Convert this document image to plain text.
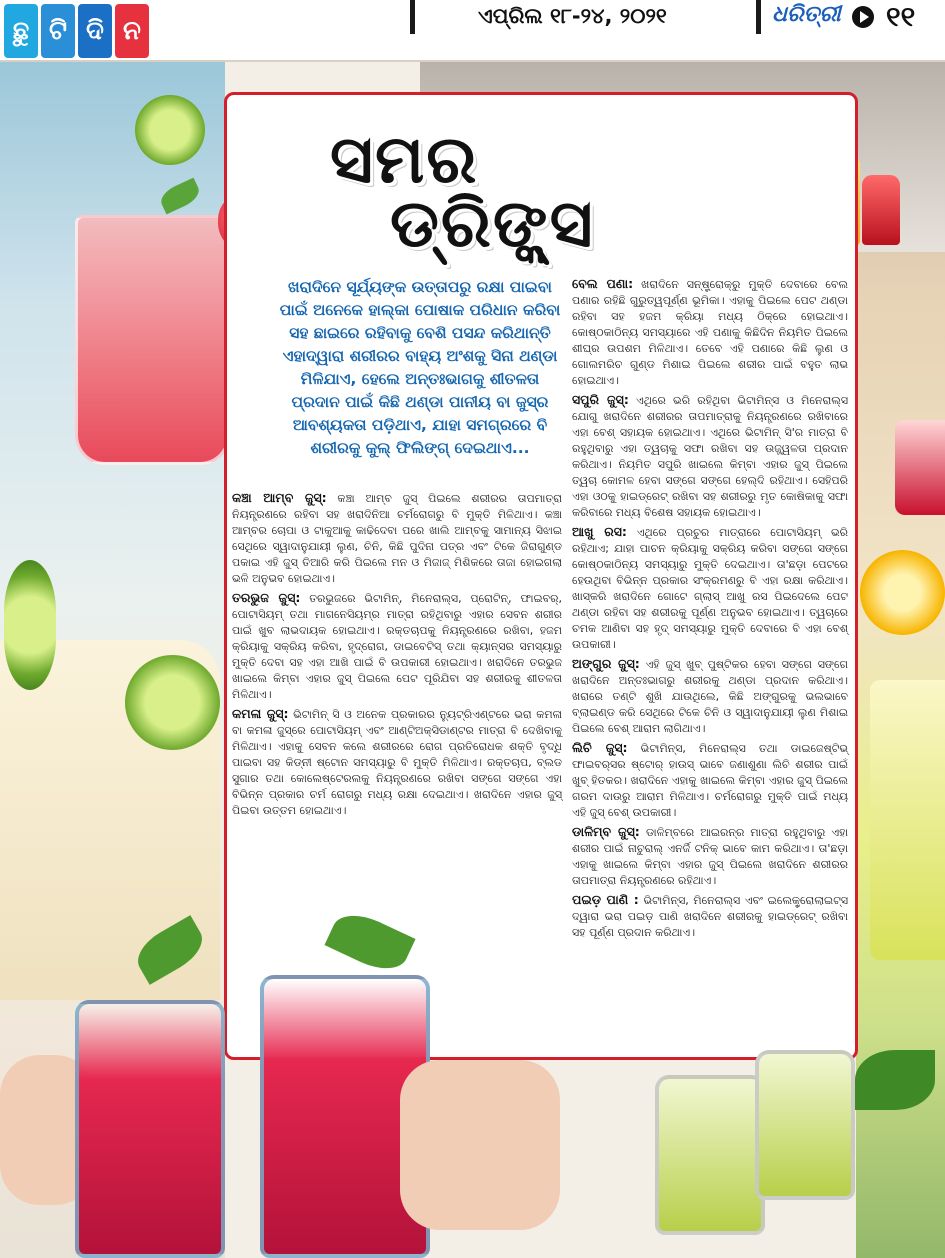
ଛୁ ଟି ଦି ନ	ଏପ୍ରିଲ ୧୮-୨୪, ୨୦୨୧	ଧରିତ୍ରୀ ୧୧
ସମର
ଡ୍ରିଙ୍କ୍ସ
ଖରାଦିନେ ସୂର୍ଯ୍ୟଙ୍କ ଉତ୍ତାପରୁ ରକ୍ଷା ପାଇବା ପାଇଁ ଅନେକେ ହାଲ୍କା ପୋଷାକ ପରିଧାନ କରିବା ସହ ଛାଇରେ ରହିବାକୁ ବେଶି ପସନ୍ଦ କରିଥାନ୍ତି ଏହାଦ୍ୱାରା ଶରୀରର ବାହ୍ୟ ଅଂଶକୁ ସିନା ଥଣ୍ଡା ମିଳିଯାଏ, ହେଲେ ଅନ୍ତଃଭାଗକୁ ଶୀତଳତା ପ୍ରଦାନ ପାଇଁ କିଛି ଥଣ୍ଡା ପାନୀୟ ବା ଜୁସ୍‌ର ଆବଶ୍ୟକତା ପଡ଼ିଥାଏ, ଯାହା ସମଗ୍ରରେ ବି ଶରୀରକୁ କୁଲ୍ ଫିଲିଙ୍ଗ୍ ଦେଇଥାଏ...

କଞ୍ଚା ଆମ୍ବ ଜୁସ୍: କଞ୍ଚା ଆମ୍ବ ଜୁସ୍ ପିଇଲେ ଶରୀରର ତାପମାତ୍ରା ନିୟନ୍ତ୍ରଣରେ ରହିବା ସହ ଖରାଦିନିଆ ଚର୍ମରୋଗରୁ ବି ମୁକ୍ତି ମିଳିଥାଏ। କଞ୍ଚା ଆମ୍ବର ଚୋପା ଓ ଟାକୁଆକୁ କାଢିଦେବା ପରେ ଖାଲି ଆମ୍ବକୁ ସାମାନ୍ୟ ସିଝାଇ ସେଥିରେ ସ୍ୱାଦାନୁଯାୟୀ ଲୁଣ, ଚିନି, କିଛି ପୁଦିନା ପତ୍ର ଏବଂ ଟିକେ ଜିରାଗୁଣ୍ଡ ପକାଇ ଏହି ଜୁସ୍ ତିଆରି କରି ପିଇଲେ ମନ ଓ ମିଜାଜ୍ ମିଶିକରେ ତାଜା ହୋଇଗଲା ଭଳି ଅନୁଭବ ହୋଇଥାଏ।

ତରଭୁଜ ଜୁସ୍: ତରଭୁଜରେ ଭିଟାମିନ୍, ମିନେରାଲ୍ସ, ପ୍ରୋଟିନ୍, ଫାଇବର୍, ପୋଟାସିୟମ୍ ତଥା ମାଗନେସିୟମ୍‌ର ମାତ୍ରା ରହିଥିବାରୁ ଏହାର ସେବନ ଶରୀର ପାଇଁ ଖୁବ ଲାଭଦାୟକ ହୋଇଥାଏ। ରକ୍ତଚାପକୁ ନିୟନ୍ତ୍ରଣରେ ରଖିବା, ହଜମ କ୍ରିୟାକୁ ସକ୍ରିୟ କରିବା, ହୃଦ୍‌ରୋଗ, ଡାଇବେଟିସ୍ ତଥା କ୍ୟାନ୍ସର ସମସ୍ୟାରୁ ମୁକ୍ତି ଦେବା ସହ ଏହା ଆଖି ପାଇଁ ବି ଉପକାରୀ ହୋଇଥାଏ। ଖରାଦିନେ ତରଭୁଜ ଖାଇଲେ କିମ୍ବା ଏହାର ଜୁସ୍ ପିଇଲେ ପେଟ ପୂରିଯିବା ସହ ଶରୀରକୁ ଶୀତଳତା ମିଳିଥାଏ।

କମଳା ଜୁସ୍: ଭିଟାମିନ୍ ସି ଓ ଅନେକ ପ୍ରକାରର ନ୍ୟୁଟ୍ରିଏଣ୍ଟରେ ଭରା କମଳା ବା କମଳା ଜୁସ୍‌ରେ ପୋଟାସିୟମ୍ ଏବଂ ଆଣ୍ଟିଅକ୍ସିଡାଣ୍ଟର ମାତ୍ରା ବି ଦେଖିବାକୁ ମିଳିଥାଏ। ଏହାକୁ ସେବନ କଲେ ଶରୀରରେ ରୋଗ ପ୍ରତିରୋଧକ ଶକ୍ତି ବୃଦ୍ଧି ପାଇବା ସହ କିଡ୍‌ନୀ ଷ୍ଟୋନ ସମସ୍ୟାରୁ ବି ମୁକ୍ତି ମିଳିଥାଏ। ରକ୍ତଚାପ, ବ୍ଲଡ ସୁଗାର ତଥା କୋଲେଷ୍ଟେରଲକୁ ନିୟନ୍ତ୍ରଣରେ ରଖିବା ସଙ୍ଗେ ସଙ୍ଗେ ଏହା ବିଭିନ୍ନ ପ୍ରକାର ଚର୍ମ ରୋଗରୁ ମଧ୍ୟ ରକ୍ଷା ଦେଇଥାଏ। ଖରାଦିନେ ଏହାର ଜୁସ୍ ପିଇବା ଉତ୍ତମ ହୋଇଥାଏ।

ବେଲ ପଣା: ଖରାଦିନେ ସନ୍‌ଷ୍ଟ୍ରୋକ୍‌ରୁ ମୁକ୍ତି ଦେବାରେ ବେଲ ପଣାର ରହିଛି ଗୁରୁତ୍ୱପୂର୍ଣ୍ଣ ଭୂମିକା। ଏହାକୁ ପିଇଲେ ପେଟ ଥଣ୍ଡା ରହିବା ସହ ହଜମ କ୍ରିୟା ମଧ୍ୟ ଠିକ୍‌ରେ ହୋଇଥାଏ। କୋଷ୍ଠକାଠିନ୍ୟ ସମସ୍ୟାରେ ଏହି ପଣାକୁ କିଛିଦିନ ନିୟମିତ ପିଇଲେ ଶୀଘ୍ର ଉପଶମ ମିଳିଥାଏ। ତେବେ ଏହି ପଣାରେ କିଛି ଲୁଣ ଓ ଗୋଲମରିଚ ଗୁଣ୍ଡ ମିଶାଇ ପିଇଲେ ଶରୀର ପାଇଁ ବହୁତ ଲାଭ ହୋଇଥାଏ।

ସପୁରି ଜୁସ୍: ଏଥିରେ ଭରି ରହିଥିବା ଭିଟାମିନ୍ସ ଓ ମିନେରାଲ୍ସ ଯୋଗୁ ଖରାଦିନେ ଶରୀରର ତାପମାତ୍ରାକୁ ନିୟନ୍ତ୍ରଣରେ ରଖିବାରେ ଏହା ବେଶ୍ ସହାୟକ ହୋଇଥାଏ। ଏଥିରେ ଭିଟାମିନ୍ ସି'ର ମାତ୍ରା ବି ରହୁଥିବାରୁ ଏହା ତ୍ୱଚାକୁ ସଫା ରଖିବା ସହ ଉଜ୍ଜ୍ୱଳତା ପ୍ରଦାନ କରିଥାଏ। ନିୟମିତ ସପୁରି ଖାଇଲେ କିମ୍ବା ଏହାର ଜୁସ୍ ପିଇଲେ ତ୍ୱଚା କୋମଳ ହେବା ସଙ୍ଗେ ସଙ୍ଗେ ହେଲ୍‌ଦି ରହିଥାଏ। ସେହିପରି ଏହା ଓଠକୁ ହାଇଡ୍ରେଟ୍ ରଖିବା ସହ ଶରୀରରୁ ମୃତ କୋଷିକାକୁ ସଫା କରିବାରେ ମଧ୍ୟ ବିଶେଷ ସହାୟକ ହୋଇଥାଏ।

ଆଖୁ ରସ: ଏଥିରେ ପ୍ରଚୁର ମାତ୍ରାରେ ପୋଟାସିୟମ୍ ଭରି ରହିଥାଏ; ଯାହା ପାଚନ କ୍ରିୟାକୁ ସକ୍ରିୟ କରିବା ସଙ୍ଗେ ସଙ୍ଗେ କୋଷ୍ଠକାଠିନ୍ୟ ସମସ୍ୟାରୁ ମୁକ୍ତି ଦେଇଥାଏ। ତା'ଛଡ଼ା ପେଟରେ ହେଉଥିବା ବିଭିନ୍ନ ପ୍ରକାର ସଂକ୍ରମଣରୁ ବି ଏହା ରକ୍ଷା କରିଥାଏ। ଖାସ୍‌କରି ଖରାଦିନେ ଗୋଟେ ଗ୍ଲାସ୍ ଆଖୁ ରସ ପିଇଦେଲେ ପେଟ ଥଣ୍ଡା ରହିବା ସହ ଶରୀରକୁ ପୂର୍ଣ୍ଣ ଅନୁଭବ ହୋଇଥାଏ। ତ୍ୱଚାରେ ଚମକ ଆଣିବା ସହ ହୃଦ୍ ସମସ୍ୟାରୁ ମୁକ୍ତି ଦେବାରେ ବି ଏହା ବେଶ୍ ଉପକାରୀ।

ଅଙ୍ଗୁର ଜୁସ୍: ଏହି ଜୁସ୍ ଖୁବ୍ ପୁଷ୍ଟିକର ହେବା ସଙ୍ଗେ ସଙ୍ଗେ ଖରାଦିନେ ଅନ୍ତଃଭାଗରୁ ଶରୀରକୁ ଥଣ୍ଡା ପ୍ରଦାନ କରିଥାଏ। ଖରାରେ ତଣ୍ଟି ଶୁଖି ଯାଉଥିଲେ, କିଛି ଅଙ୍ଗୁରକୁ ଭଲଭାବେ ବ୍ଲାଇଣ୍ଡ କରି ସେଥିରେ ଟିକେ ଚିନି ଓ ସ୍ୱାଦାନୁଯାୟୀ ଲୁଣ ମିଶାଇ ପିଇଲେ ବେଶ୍ ଆରାମ ଲାଗିଥାଏ।

ଲିଚି ଜୁସ୍: ଭିଟାମିନ୍ସ, ମିନେରାଲ୍ସ ତଥା ଡାଇଜେଷ୍ଟିଭ୍ ଫାଇବର୍‌ସର ଷ୍ଟୋର୍ ହାଉସ୍ ଭାବେ ଜଣାଶୁଣା ଲିଚି ଶରୀର ପାଇଁ ଖୁବ୍ ହିତକର। ଖରାଦିନେ ଏହାକୁ ଖାଇଲେ କିମ୍ବା ଏହାର ଜୁସ୍ ପିଇଲେ ଗରମ ଦାଉରୁ ଆରାମ ମିଳିଥାଏ। ଚର୍ମରୋଗରୁ ମୁକ୍ତି ପାଇଁ ମଧ୍ୟ ଏହି ଜୁସ୍ ବେଶ୍ ଉପକାରୀ।

ଡାଳିମ୍ବ ଜୁସ୍: ଡାଳିମ୍ବରେ ଆଇରନ୍‌ର ମାତ୍ରା ରହୁଥିବାରୁ ଏହା ଶରୀର ପାଇଁ ନାଚୁରାଲ୍ ଏନର୍ଜି ଟନିକ୍ ଭାବେ କାମ କରିଥାଏ। ତା'ଛଡ଼ା ଏହାକୁ ଖାଇଲେ କିମ୍ବା ଏହାର ଜୁସ୍ ପିଇଲେ ଖରାଦିନେ ଶରୀରର ତାପମାତ୍ରା ନିୟନ୍ତ୍ରଣରେ ରହିଥାଏ।

ପଇଡ଼ ପାଣି : ଭିଟାମିନ୍ସ, ମିନେରାଲ୍ସ ଏବଂ ଇଲେକ୍ଟ୍ରୋଲାଇଟ୍ସ ଦ୍ୱାରା ଭରା ପଇଡ଼ ପାଣି ଖରାଦିନେ ଶରୀରକୁ ହାଇଡ୍ରେଟ୍ ରଖିବା ସହ ପୂର୍ଣ୍ଣ ପ୍ରଦାନ କରିଥାଏ।
